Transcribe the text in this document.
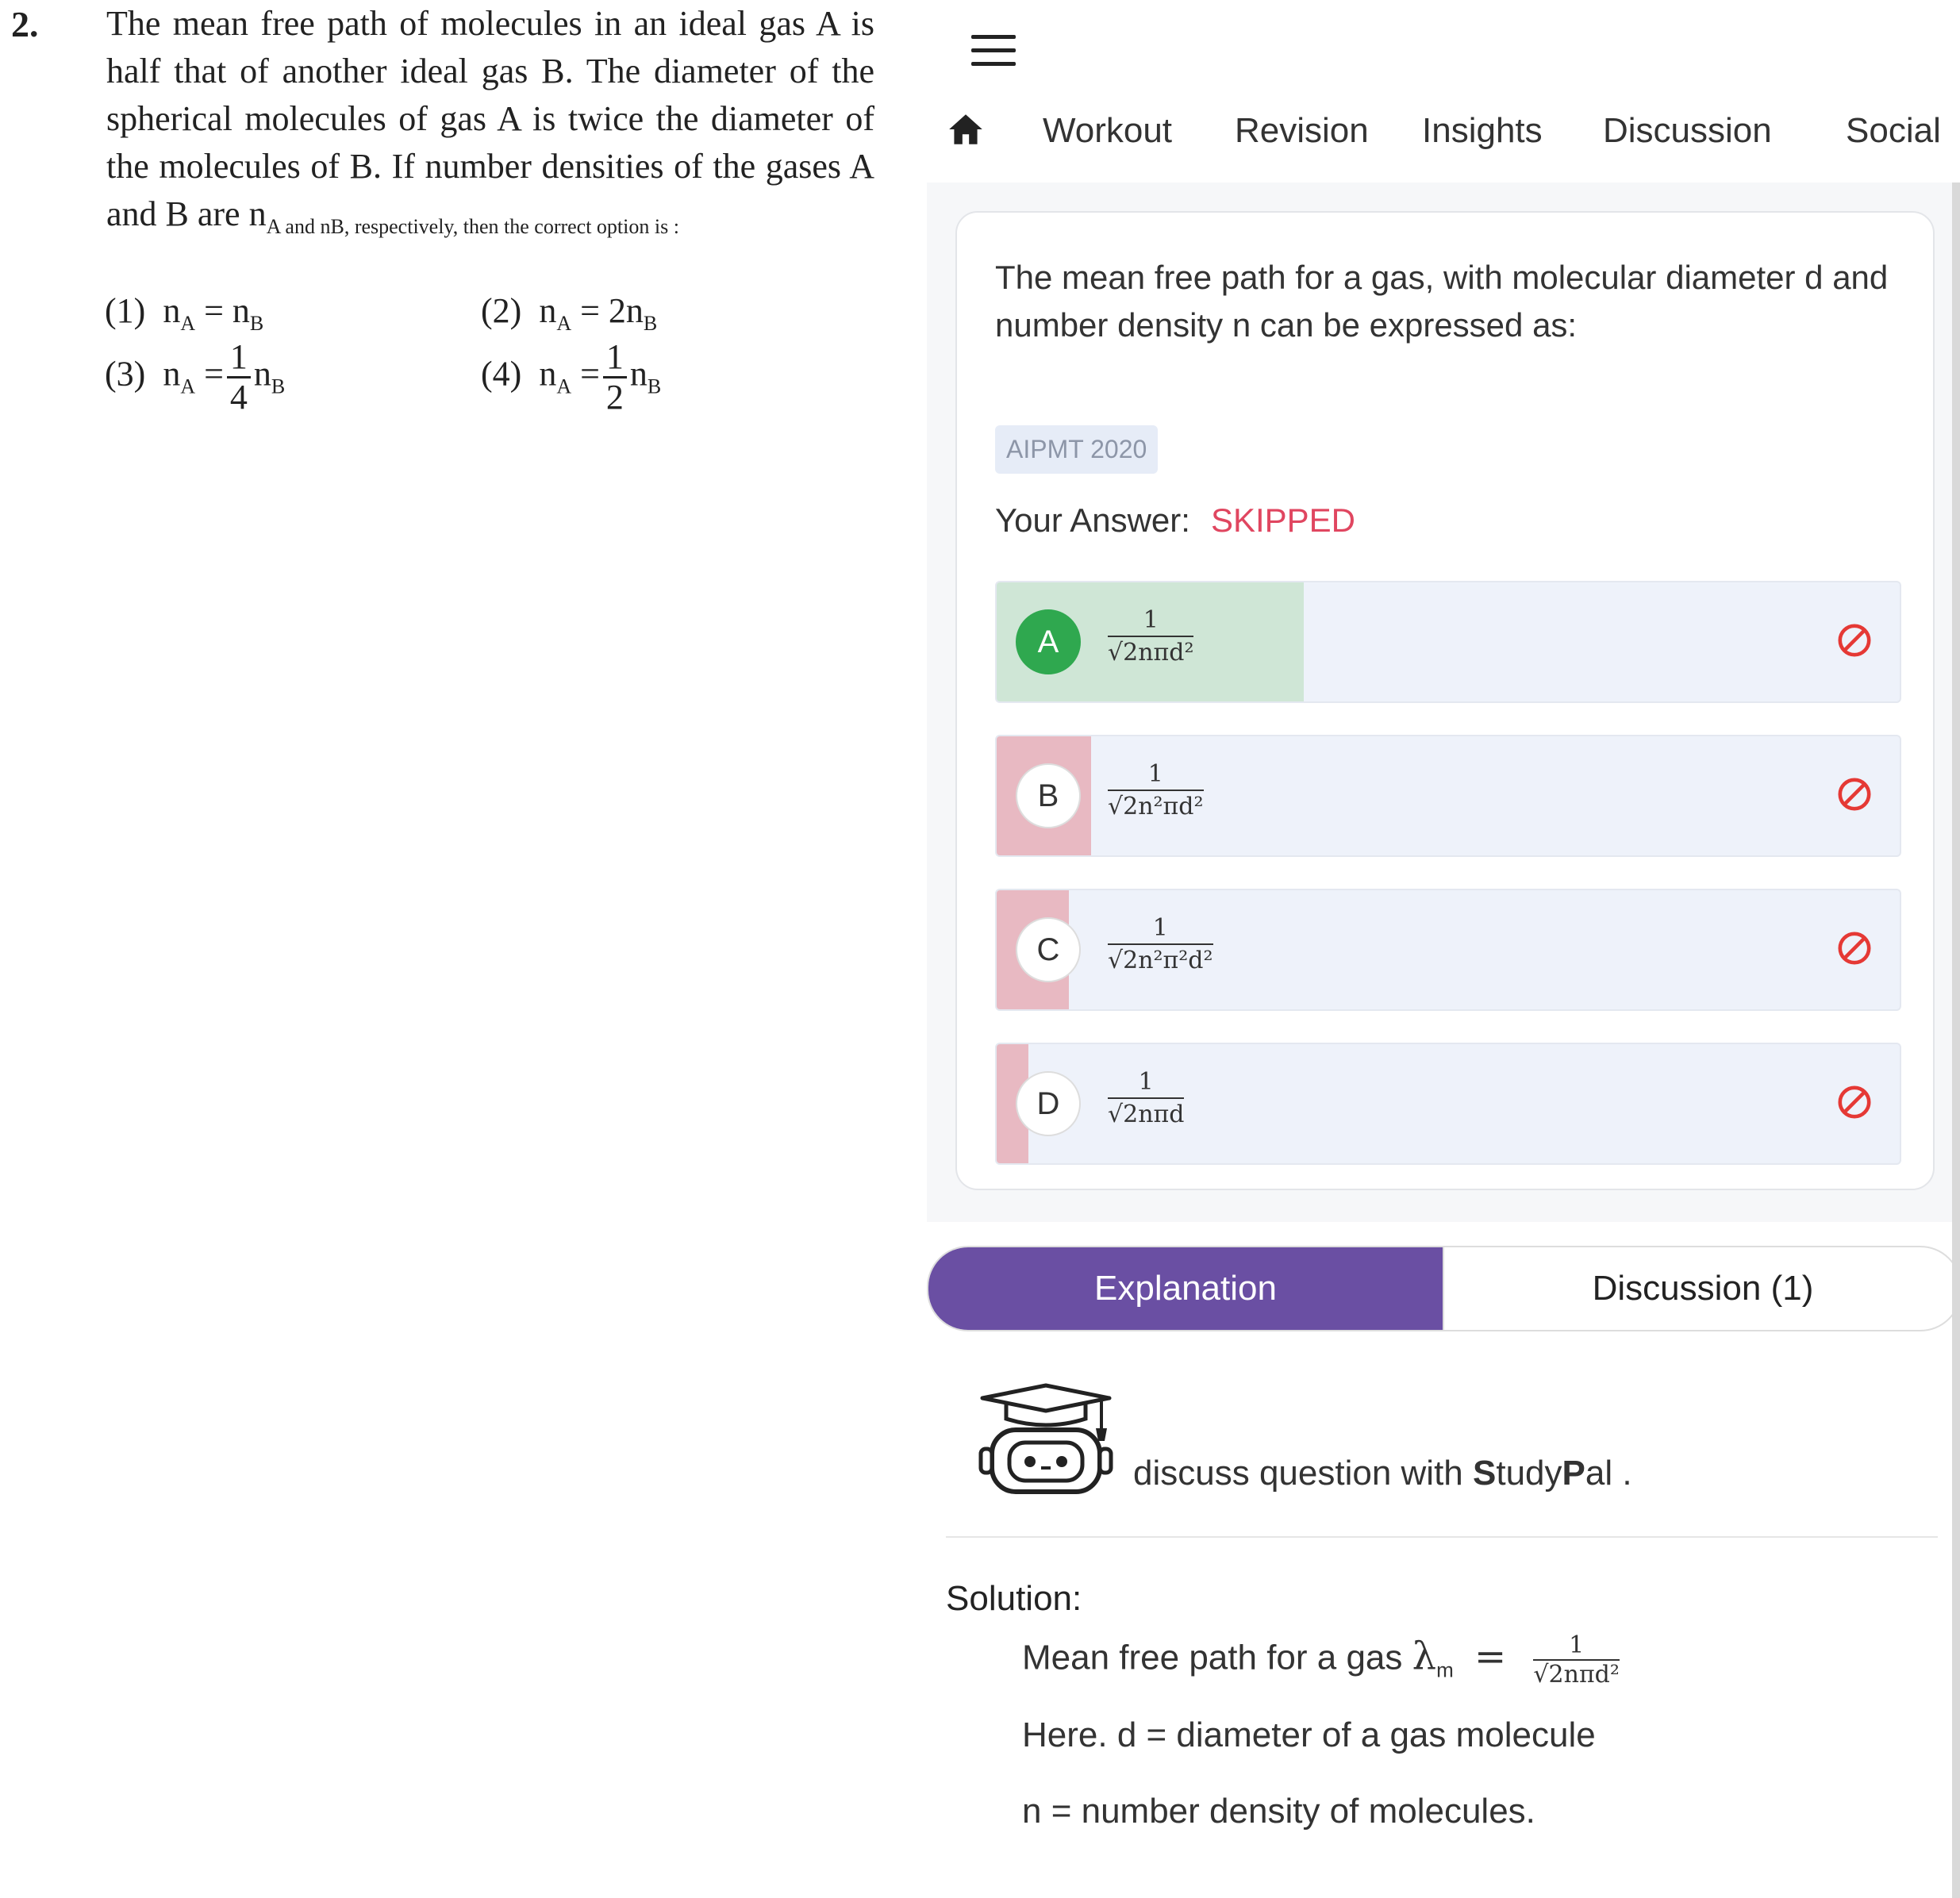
2. The mean free path of molecules in an ideal gas A is half that of another ideal gas B. The diameter of the spherical molecules of gas A is twice the diameter of the molecules of B. If number densities of the gases A and B are $n_{A and nB, respectively, then the correct option is :}$
(1) $n_A = n_B$	(2) $n_A = 2n_B$
(3) $n_A = \frac{1}{4} n_B$	(4) $n_A = \frac{1}{2} n_B$
Workout Revision Insights Discussion Social
The mean free path for a gas, with molecular diameter d and number density n can be expressed as:
AIPMT 2020
Your Answer: SKIPPED
A
1
√2nπd²
B	$\frac{1}{\text{√2n²πd²}}$
C	$\frac{1}{\text{√2n²π²d²}}$
D
1
√2nπd
Explanation	Discussion (1)
discuss question with StudyPal .
Solution:
Mean free path for a gas $\lambda_m$ =	1
√2nπd²
Here. d = diameter of a gas molecule
n = number density of molecules.
